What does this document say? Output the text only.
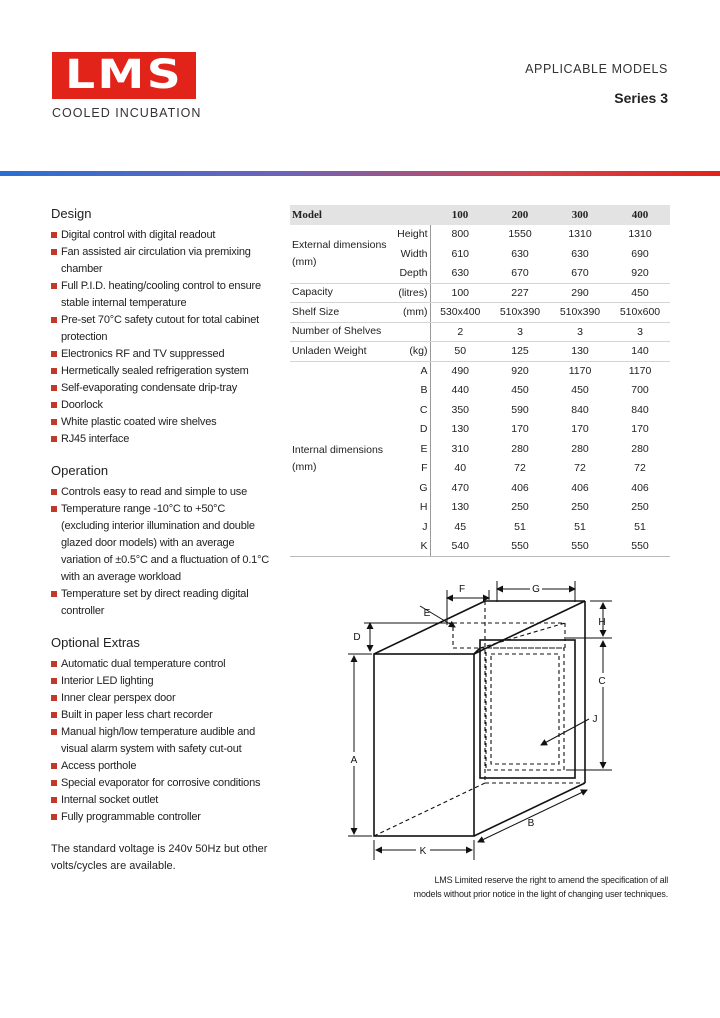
LMS
COOLED INCUBATION
APPLICABLE MODELS
Series 3
Design
Digital control with digital readout
Fan assisted air circulation via premixing chamber
Full P.I.D. heating/cooling control to ensure stable internal temperature
Pre-set 70°C safety cutout for total cabinet protection
Electronics RF and TV suppressed
Hermetically sealed refrigeration system
Self-evaporating condensate drip-tray
Doorlock
White plastic coated wire shelves
RJ45 interface
Operation
Controls easy to read and simple to use
Temperature range -10°C to +50°C (excluding interior illumination and double glazed door models) with an average variation of ±0.5°C and a fluctuation of 0.1°C with an average workload
Temperature set by direct reading digital controller
Optional Extras
Automatic dual temperature control
Interior LED lighting
Inner clear perspex door
Built in paper less chart recorder
Manual high/low temperature audible and visual alarm system with safety cut-out
Access porthole
Special evaporator for corrosive conditions
Internal socket outlet
Fully programmable controller
The standard voltage is 240v 50Hz but other volts/cycles are available.
Model		100	200	300	400
External dimensions (mm)	Height	800	1550	1310	1310
	Width	610	630	630	690
	Depth	630	670	670	920
Capacity	(litres)	100	227	290	450
Shelf Size	(mm)	530x400	510x390	510x390	510x600
Number of Shelves		2	3	3	3
Unladen Weight	(kg)	50	125	130	140
Internal dimensions (mm)	A	490	920	1170	1170
	B	440	450	450	700
	C	350	590	840	840
	D	130	170	170	170
	E	310	280	280	280
	F	40	72	72	72
	G	470	406	406	406
	H	130	250	250	250
	J	45	51	51	51
	K	540	550	550	550
F	G
E
D
H
C
J
A
B
K
LMS Limited reserve the right to amend the specification of all models without prior notice in the light of changing user techniques.
